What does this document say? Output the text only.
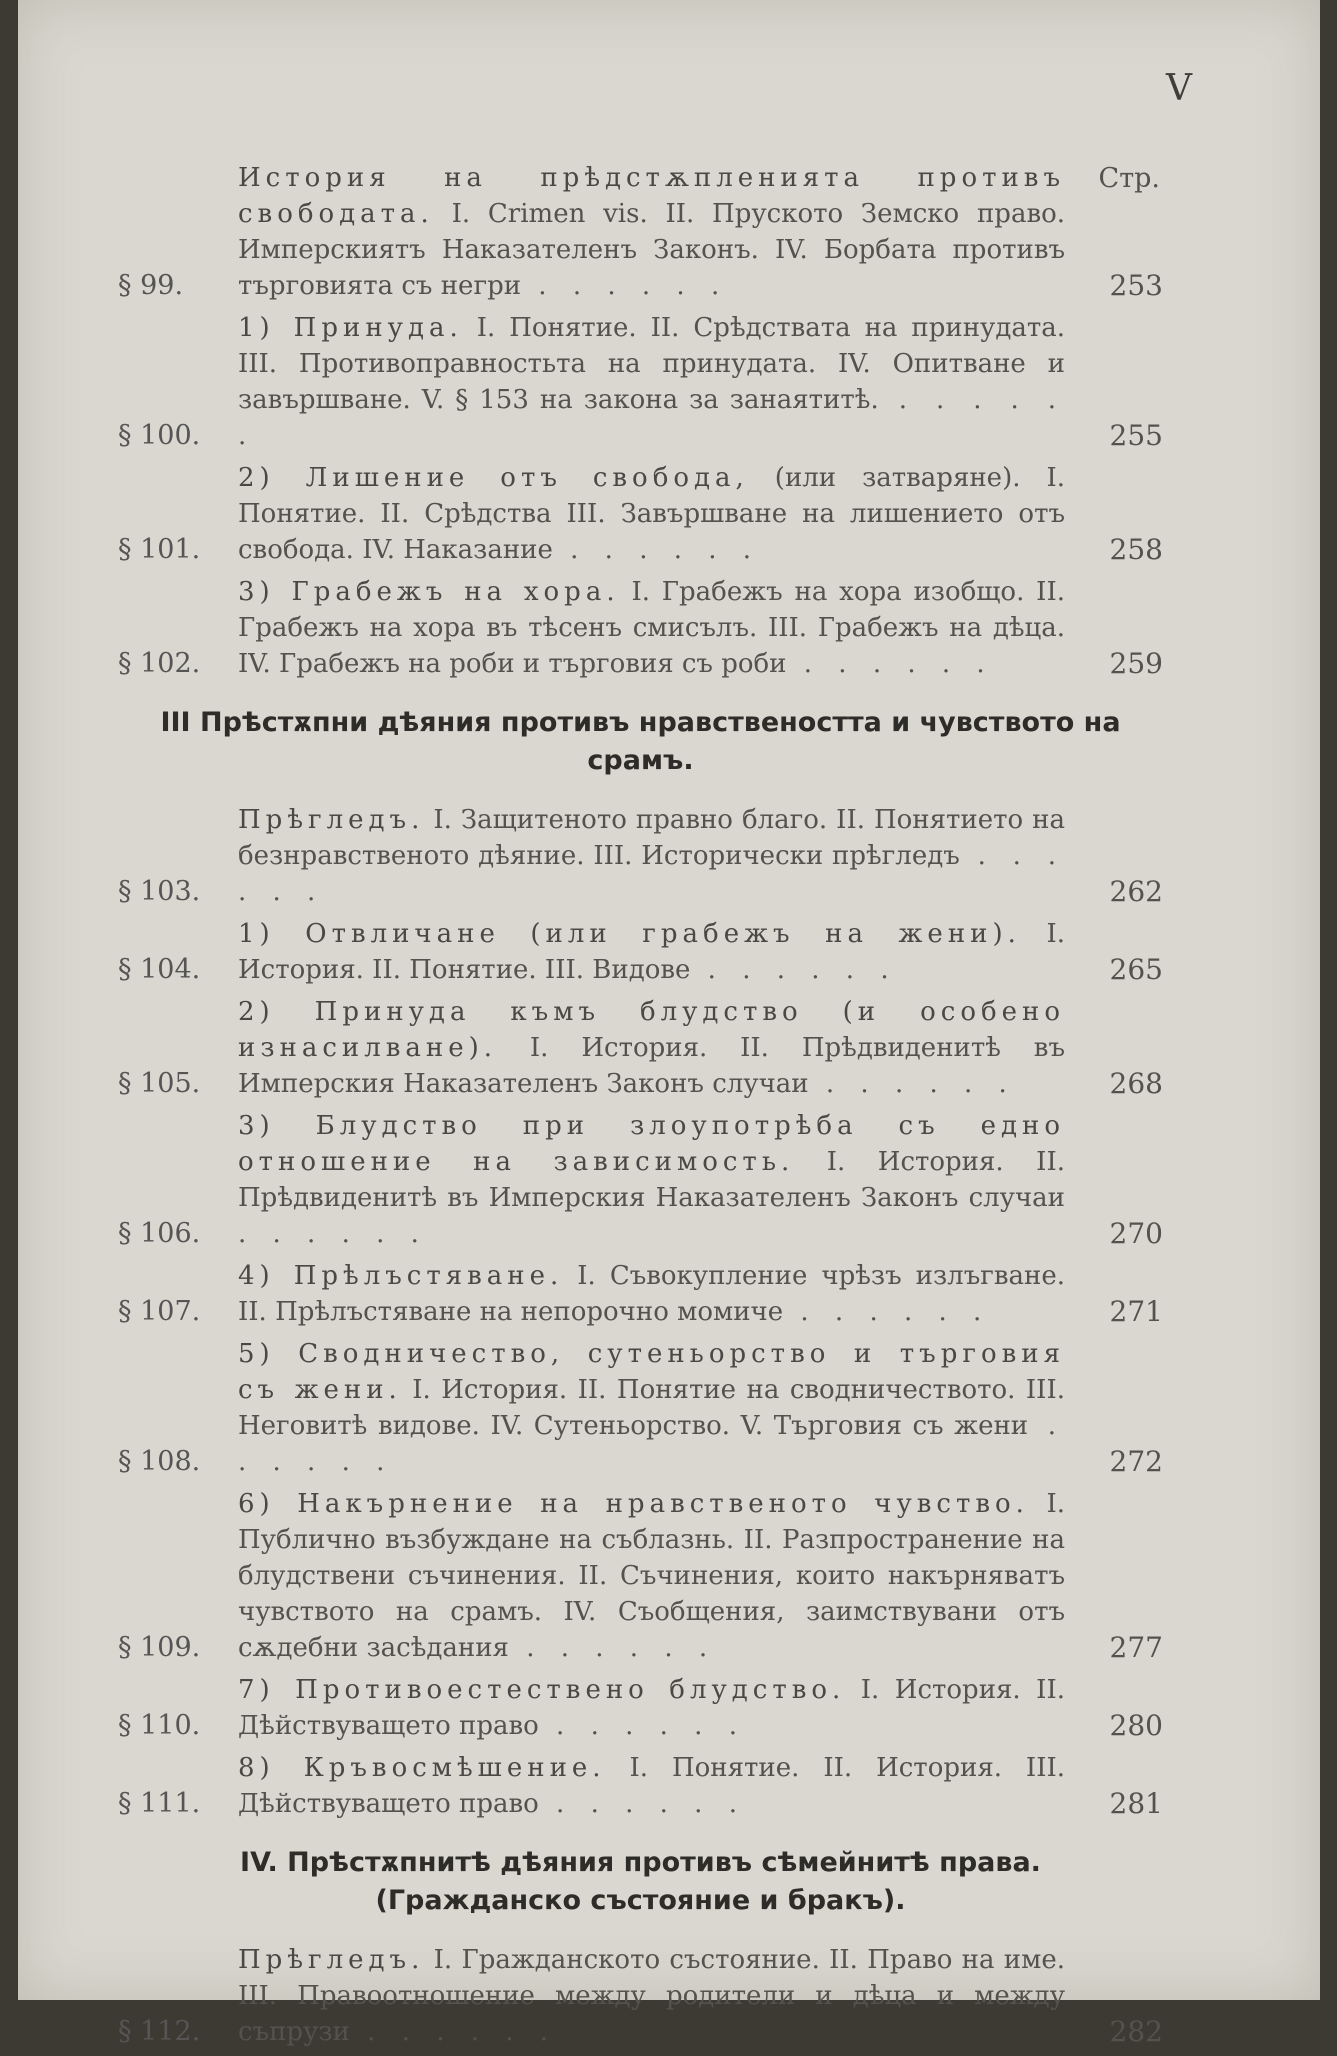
V
Стр.
§ 99.
История на прѣдстѫпленията противъ свободата. I. Crimen vis. II. Пруското Земско право. Имперскиятъ Наказателенъ Законъ. IV. Борбата противъ търговията съ негри . . . . . .	253
§ 100.
1) Принуда. I. Понятие. II. Срѣдствата на принудата. III. Противоправностьта на принудата. IV. Опитване и завършване. V. § 153 на закона за занаятитѣ. . . . . . .	255
§ 101.
2) Лишение отъ свобода, (или затваряне). I. Понятие. II. Срѣдства III. Завършване на лишението отъ свобода. IV. Наказание . . . . . .	258
§ 102.
3) Грабежъ на хора. I. Грабежъ на хора изобщо. II. Грабежъ на хора въ тѣсенъ смисълъ. III. Грабежъ на дѣца. IV. Грабежъ на роби и търговия съ роби . . . . . .	259
III Прѣстѫпни дѣяния противъ нравствеността и чувството на срамъ.
§ 103.
Прѣгледъ. I. Защитеното правно благо. II. Понятието на безнравственото дѣяние. III. Исторически прѣгледъ . . . . . .	262
§ 104.
1) Отвличане (или грабежъ на жени). I. История. II. Понятие. III. Видове . . . . . .	265
§ 105.
2) Принуда къмъ блудство (и особено изнасилване). I. История. II. Прѣдвиденитѣ въ Имперския Наказателенъ Законъ случаи . . . . . .	268
§ 106.
3) Блудство при злоупотрѣба съ едно отношение на зависимость. I. История. II. Прѣдвиденитѣ въ Имперския Наказателенъ Законъ случаи . . . . . .	270
§ 107.
4) Прѣлъстяване. I. Съвокупление чрѣзъ излъгване. II. Прѣлъстяване на непорочно момиче . . . . . .	271
§ 108.
5) Сводничество, сутеньорство и търговия съ жени. I. История. II. Понятие на сводничеството. III. Неговитѣ видове. IV. Сутеньорство. V. Търговия съ жени . . . . . .	272
§ 109.
6) Накърнение на нравственото чувство. I. Публично възбуждане на съблазнь. II. Разпространение на блудствени съчинения. II. Съчинения, които накърняватъ чувството на срамъ. IV. Съобщения, заимствувани отъ сѫдебни засѣдания . . . . . .	277
§ 110.
7) Противоестествено блудство. I. История. II. Дѣйствуващето право . . . . . .	280
§ 111.
8) Кръвосмѣшение. I. Понятие. II. История. III. Дѣйствуващето право . . . . . .	281
IV. Прѣстѫпнитѣ дѣяния противъ сѣмейнитѣ права. (Гражданско състояние и бракъ).
§ 112.
Прѣгледъ. I. Гражданското състояние. II. Право на име. III. Правоотношение между родители и дѣца и между съпрузи . . . . . .	282
